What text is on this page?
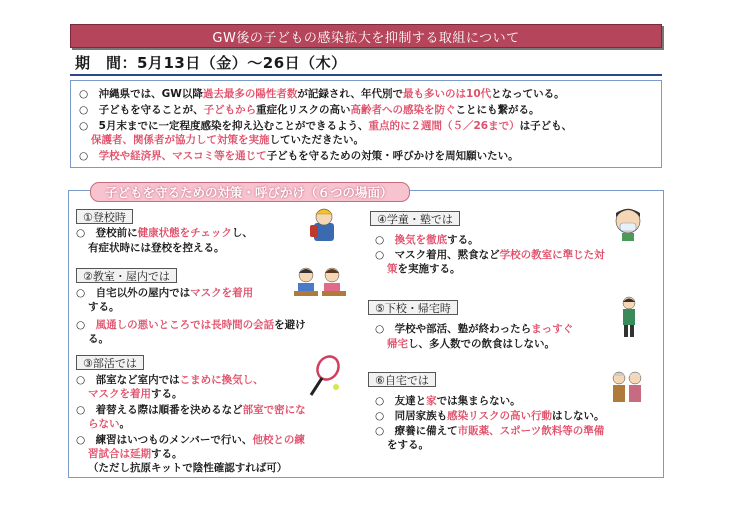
GW後の子どもの感染拡大を抑制する取組について
期　間：5月13日（金）〜26日（木）

○　 沖縄県では、GW以降過去最多の陽性者数が記録され、年代別で最も多いのは10代となっている。

○　 子どもを守ることが、子どもから重症化リスクの高い高齢者への感染を防ぐことにも繋がる。

○　 5月末までに一定程度感染を抑え込むことができるよう、重点的に２週間（５／26まで）は子ども、

保護者、関係者が協力して対策を実施していただきたい。

○　 学校や経済界、マスコミ等を通じて子どもを守るための対策・呼びかけを周知願いたい。

子どもを守るための対策・呼びかけ（６つの場面）
①登校時
○　 登校前に健康状態をチェックし、
有症状時には登校を控える。
②教室・屋内では
○　 自宅以外の屋内ではマスクを着用
する。
○　 風通しの悪いところでは長時間の会話を避け
る。
③部活では
○　 部室など室内ではこまめに換気し、
マスクを着用する。
○　 着替える際は順番を決めるなど部室で密にな
らない。
○　 練習はいつものメンバーで行い、他校との練
習試合は延期する。
（ただし抗原キットで陰性確認すれば可）
④学童・塾では
○　 換気を徹底する。
○　 マスク着用、黙食など学校の教室に準じた対
策を実施する。
⑤下校・帰宅時
○　 学校や部活、塾が終わったらまっすぐ
帰宅し、多人数での飲食はしない。
⑥自宅では
○　 友達と家では集まらない。
○　 同居家族も感染リスクの高い行動はしない。
○　 療養に備えて市販薬、スポーツ飲料等の準備
をする。
